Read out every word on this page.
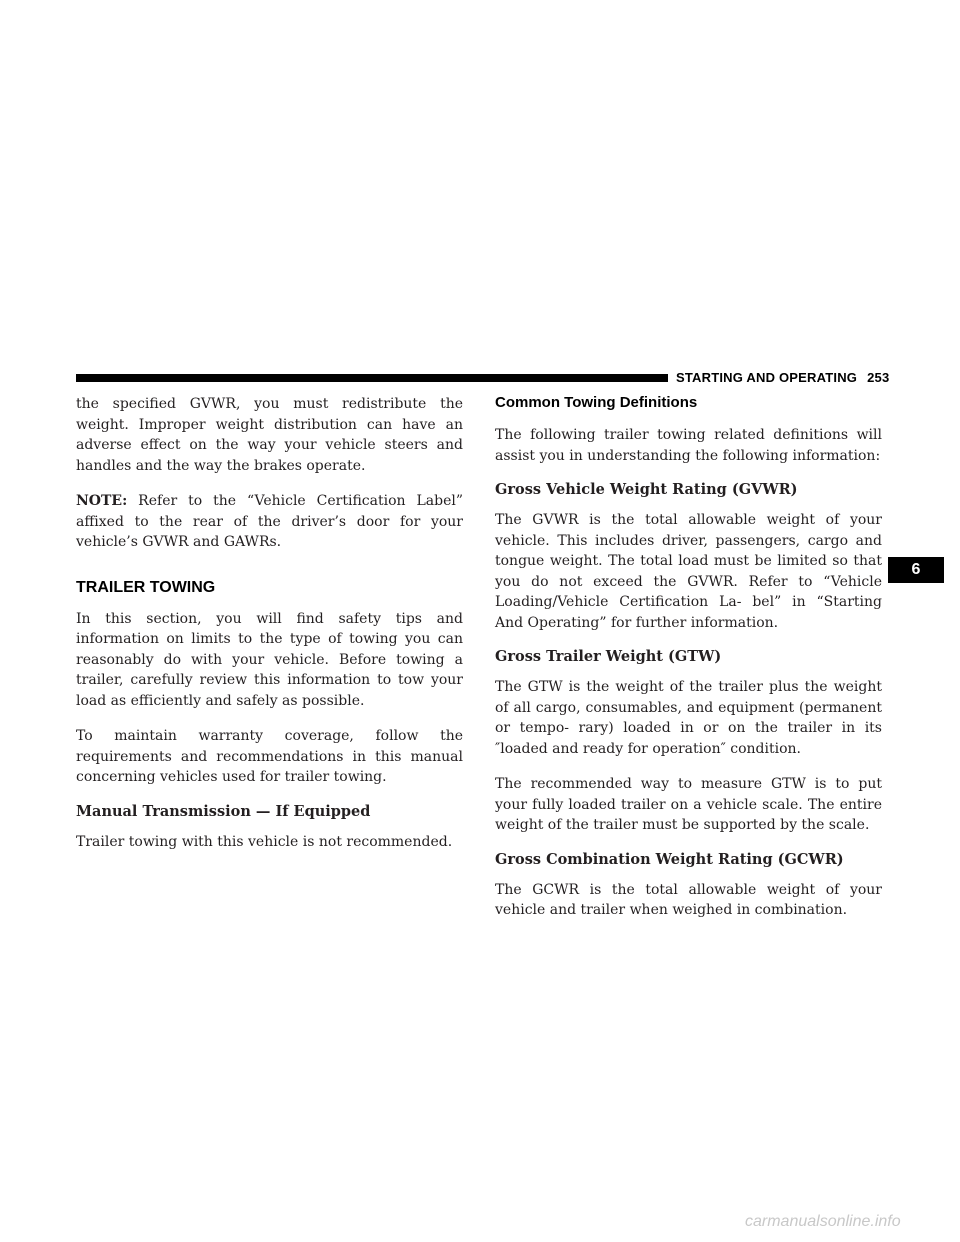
STARTING AND OPERATING 253

the specified GVWR, you must redistribute the weight. Improper weight distribution can have an adverse effect on the way your vehicle steers and handles and the way the brakes operate.

NOTE: Refer to the “Vehicle Certification Label” affixed to the rear of the driver’s door for your vehicle’s GVWR and GAWRs.

TRAILER TOWING

In this section, you will find safety tips and information on limits to the type of towing you can reasonably do with your vehicle. Before towing a trailer, carefully review this information to tow your load as efficiently and safely as possible.

To maintain warranty coverage, follow the requirements and recommendations in this manual concerning vehicles used for trailer towing.

Manual Transmission — If Equipped

Trailer towing with this vehicle is not recommended.

Common Towing Definitions

The following trailer towing related definitions will assist you in understanding the following information:

Gross Vehicle Weight Rating (GVWR)

The GVWR is the total allowable weight of your vehicle. This includes driver, passengers, cargo and tongue weight. The total load must be limited so that you do not exceed the GVWR. Refer to “Vehicle Loading/Vehicle Certification La- bel” in “Starting And Operating” for further information.

Gross Trailer Weight (GTW)

The GTW is the weight of the trailer plus the weight of all cargo, consumables, and equipment (permanent or tempo- rary) loaded in or on the trailer in its ″loaded and ready for operation″ condition.

The recommended way to measure GTW is to put your fully loaded trailer on a vehicle scale. The entire weight of the trailer must be supported by the scale.

Gross Combination Weight Rating (GCWR)

The GCWR is the total allowable weight of your vehicle and trailer when weighed in combination.

6
carmanualsonline.info
